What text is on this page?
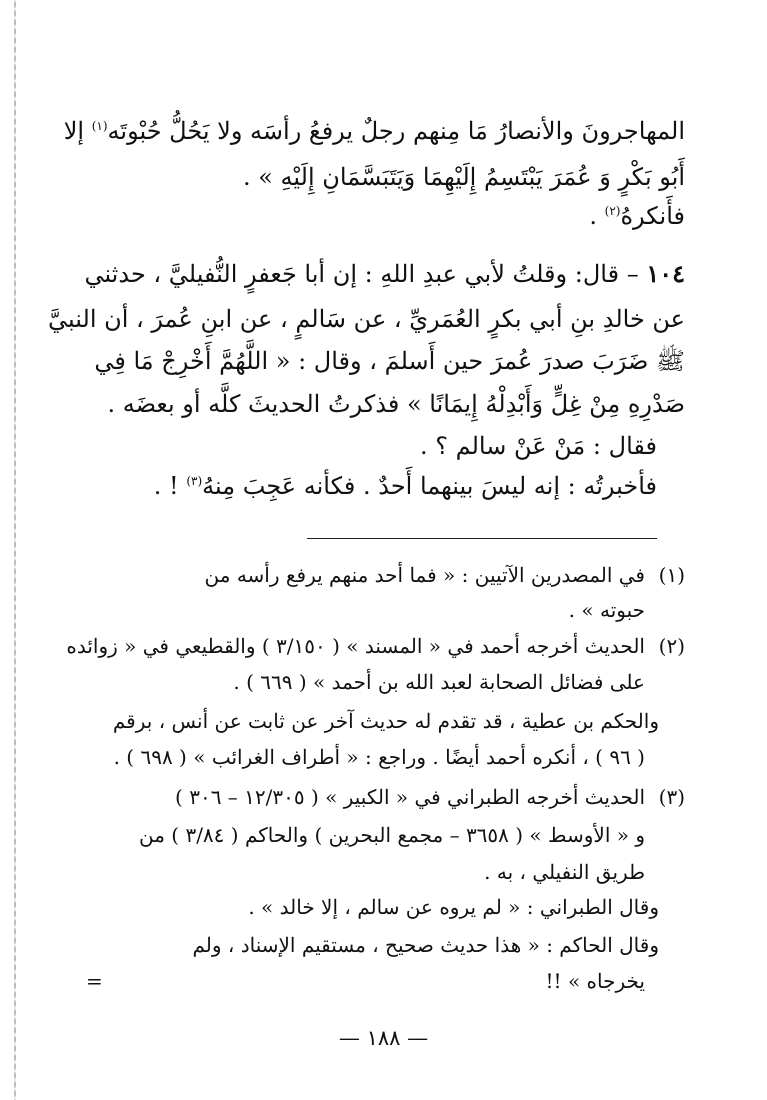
المهاجرونَ والأنصارُ مَا مِنهم رجلٌ يرفعُ رأسَه ولا يَحُلُّ حُبْوتَه$^{(١)}$ إلا
أَبُو بَكْرٍ وَ عُمَرَ يَبْتَسِمُ إِلَيْهِمَا وَيَتَبَسَّمَانِ إِلَيْهِ » .
فأَنكرهُ$^{(٢)}$ .
١٠٤ – قال: وقلتُ لأبي عبدِ اللهِ : إن أبا جَعفرٍ النُّفيليَّ ، حدثني
عن خالدِ بنِ أبي بكرٍ العُمَريِّ ، عن سَالمٍ ، عن ابنِ عُمرَ ، أن النبيَّ
ﷺ ضَرَبَ صدرَ عُمرَ حين أَسلمَ ، وقال : « اللَّهُمَّ أَخْرِجْ مَا فِي
صَدْرِهِ مِنْ غِلٍّ وَأَبْدِلْهُ إِيمَانًا » فذكرتُ الحديثَ كلَّه أو بعضَه .
فقال : مَنْ عَنْ سالم ؟ .
فأخبرتُه : إنه ليسَ بينهما أَحدٌ . فكأنه عَجِبَ مِنهُ$^{(٣)}$ ! .
(١)
في المصدرين الآتيين : « فما أحد منهم يرفع رأسه من
حبوته » .
(٢)
الحديث أخرجه أحمد في « المسند » ( ٣/١٥٠ ) والقطيعي في « زوائده
على فضائل الصحابة لعبد الله بن أحمد » ( ٦٦٩ ) .
والحكم بن عطية ، قد تقدم له حديث آخر عن ثابت عن أنس ، برقم
( ٩٦ ) ، أنكره أحمد أيضًا . وراجع : « أطراف الغرائب » ( ٦٩٨ ) .
(٣)
الحديث أخرجه الطبراني في « الكبير » ( ١٢/٣٠٥ – ٣٠٦ )
و « الأوسط » ( ٣٦٥٨ – مجمع البحرين ) والحاكم ( ٣/٨٤ ) من
طريق النفيلي ، به .
وقال الطبراني : « لم يروه عن سالم ، إلا خالد » .
وقال الحاكم : « هذا حديث صحيح ، مستقيم الإسناد ، ولم
يخرجاه » !!
=
— ١٨٨ —
